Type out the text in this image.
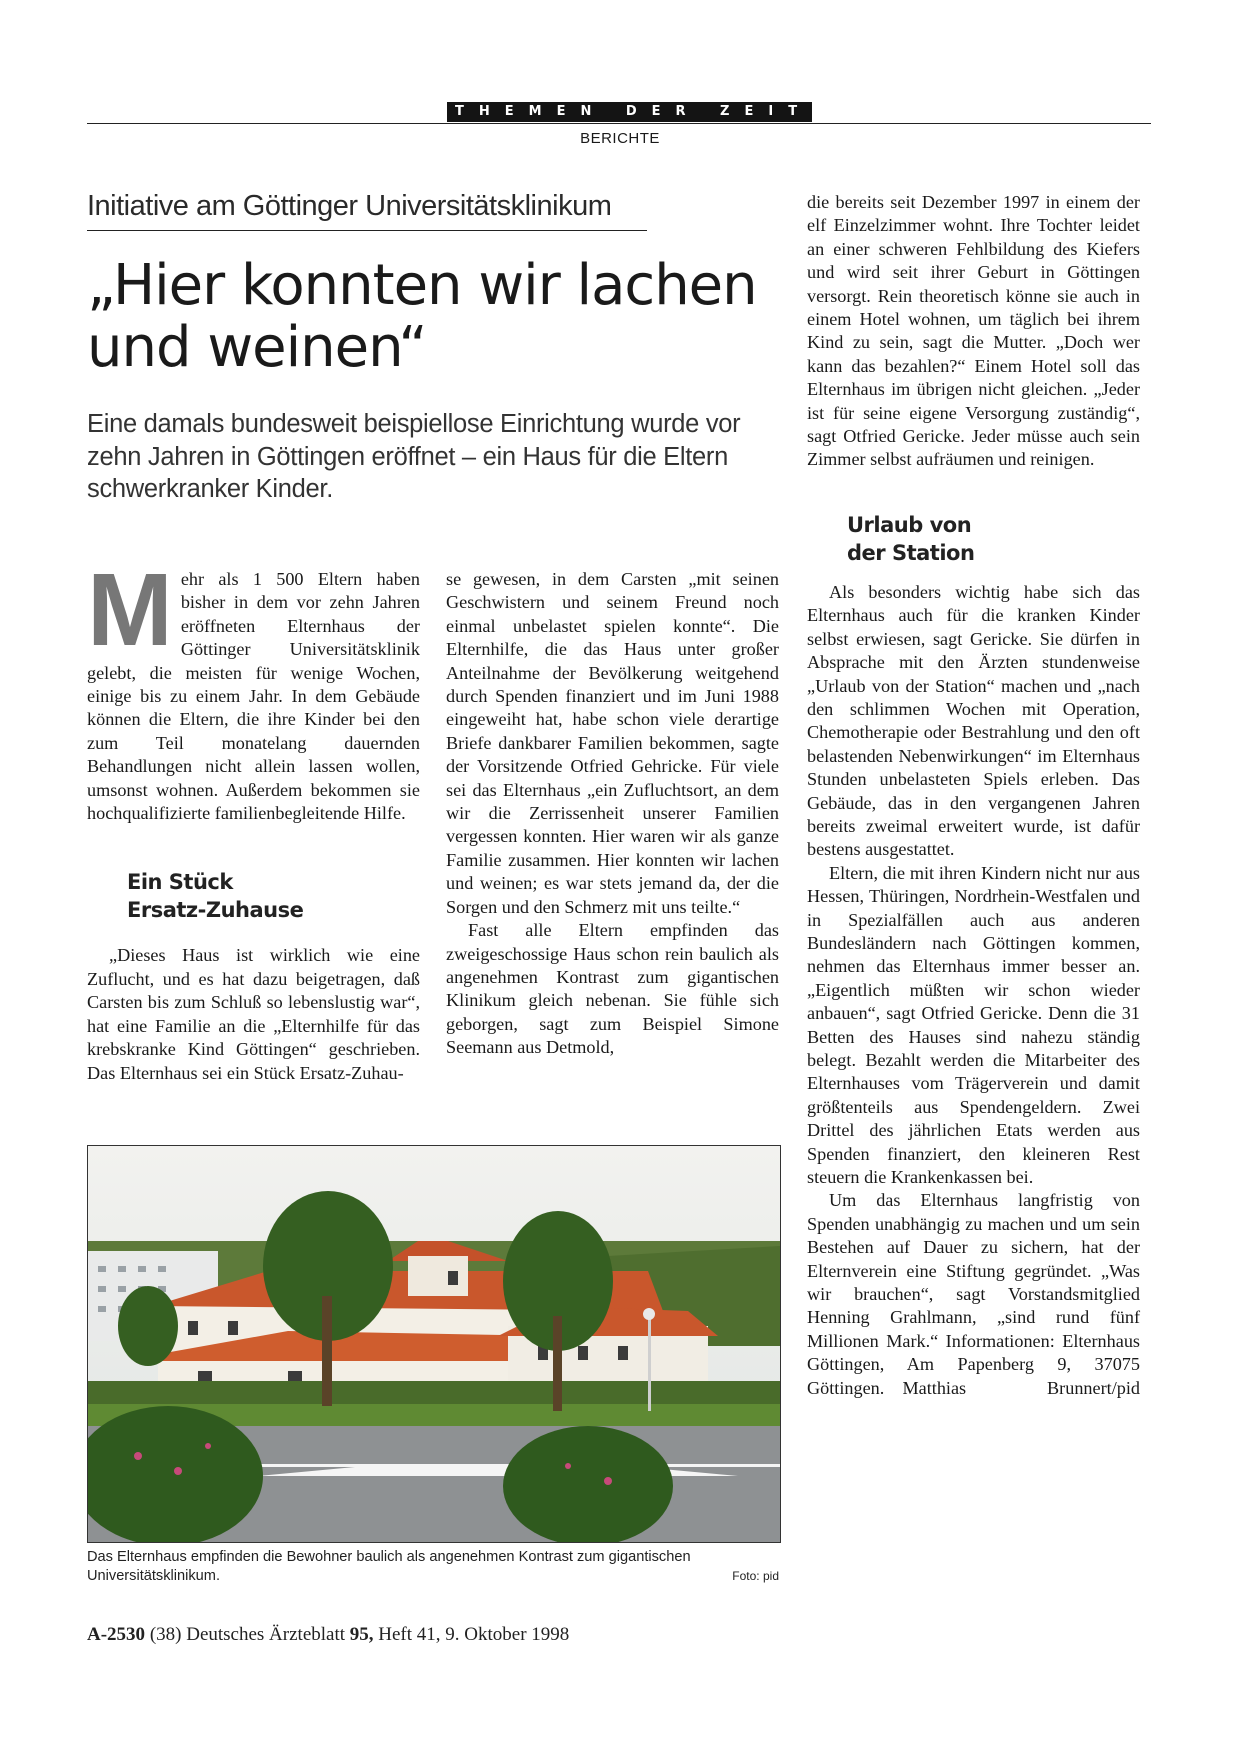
THEMEN DER ZEIT
BERICHTE
Initiative am Göttinger Universitätsklinikum
„Hier konnten wir lachen
und weinen“
Eine damals bundesweit beispiellose Einrichtung wurde vor zehn Jahren in Göttingen eröffnet – ein Haus für die Eltern schwerkranker Kinder.

Mehr als 1 500 Eltern haben bisher in dem vor zehn Jahren eröffneten Elternhaus der Göttinger Universitätsklinik gelebt, die meisten für wenige Wochen, einige bis zu einem Jahr. In dem Gebäude können die Eltern, die ihre Kinder bei den zum Teil monatelang dauernden Behandlungen nicht allein lassen wollen, umsonst wohnen. Außerdem bekommen sie hochqualifizierte familienbegleitende Hilfe.

Ein Stück
Ersatz-Zuhause

„Dieses Haus ist wirklich wie eine Zuflucht, und es hat dazu beigetragen, daß Carsten bis zum Schluß so lebenslustig war“, hat eine Familie an die „Elternhilfe für das krebskranke Kind Göttingen“ geschrieben. Das Elternhaus sei ein Stück Ersatz-Zuhau-

se gewesen, in dem Carsten „mit seinen Geschwistern und seinem Freund noch einmal unbelastet spielen konnte“. Die Elternhilfe, die das Haus unter großer Anteilnahme der Bevölkerung weitgehend durch Spenden finanziert und im Juni 1988 eingeweiht hat, habe schon viele derartige Briefe dankbarer Familien bekommen, sagte der Vorsitzende Otfried Gehricke. Für viele sei das Elternhaus „ein Zufluchtsort, an dem wir die Zerrissenheit unserer Familien vergessen konnten. Hier waren wir als ganze Familie zusammen. Hier konnten wir lachen und weinen; es war stets jemand da, der die Sorgen und den Schmerz mit uns teilte.“

Fast alle Eltern empfinden das zweigeschossige Haus schon rein baulich als angenehmen Kontrast zum gigantischen Klinikum gleich nebenan. Sie fühle sich geborgen, sagt zum Beispiel Simone Seemann aus Detmold,

die bereits seit Dezember 1997 in einem der elf Einzelzimmer wohnt. Ihre Tochter leidet an einer schweren Fehlbildung des Kiefers und wird seit ihrer Geburt in Göttingen versorgt. Rein theoretisch könne sie auch in einem Hotel wohnen, um täglich bei ihrem Kind zu sein, sagt die Mutter. „Doch wer kann das bezahlen?“ Einem Hotel soll das Elternhaus im übrigen nicht gleichen. „Jeder ist für seine eigene Versorgung zuständig“, sagt Otfried Gericke. Jeder müsse auch sein Zimmer selbst aufräumen und reinigen.

Urlaub von
der Station

Als besonders wichtig habe sich das Elternhaus auch für die kranken Kinder selbst erwiesen, sagt Gericke. Sie dürfen in Absprache mit den Ärzten stundenweise „Urlaub von der Station“ machen und „nach den schlimmen Wochen mit Operation, Chemotherapie oder Bestrahlung und den oft belastenden Nebenwirkungen“ im Elternhaus Stunden unbelasteten Spiels erleben. Das Gebäude, das in den vergangenen Jahren bereits zweimal erweitert wurde, ist dafür bestens ausgestattet.

Eltern, die mit ihren Kindern nicht nur aus Hessen, Thüringen, Nordrhein-Westfalen und in Spezialfällen auch aus anderen Bundesländern nach Göttingen kommen, nehmen das Elternhaus immer besser an. „Eigentlich müßten wir schon wieder anbauen“, sagt Otfried Gericke. Denn die 31 Betten des Hauses sind nahezu ständig belegt. Bezahlt werden die Mitarbeiter des Elternhauses vom Trägerverein und damit größtenteils aus Spendengeldern. Zwei Drittel des jährlichen Etats werden aus Spenden finanziert, den kleineren Rest steuern die Krankenkassen bei.

Um das Elternhaus langfristig von Spenden unabhängig zu machen und um sein Bestehen auf Dauer zu sichern, hat der Elternverein eine Stiftung gegründet. „Was wir brauchen“, sagt Vorstandsmitglied Henning Grahlmann, „sind rund fünf Millionen Mark.“ Informationen: Elternhaus Göttingen, Am Papenberg 9, 37075 Göttingen.  Matthias Brunnert/pid

Das Elternhaus empfinden die Bewohner baulich als angenehmen Kontrast zum gigantischen Universitätsklinikum.	Foto: pid
A-2530 (38) Deutsches Ärzteblatt 95, Heft 41, 9. Oktober 1998
